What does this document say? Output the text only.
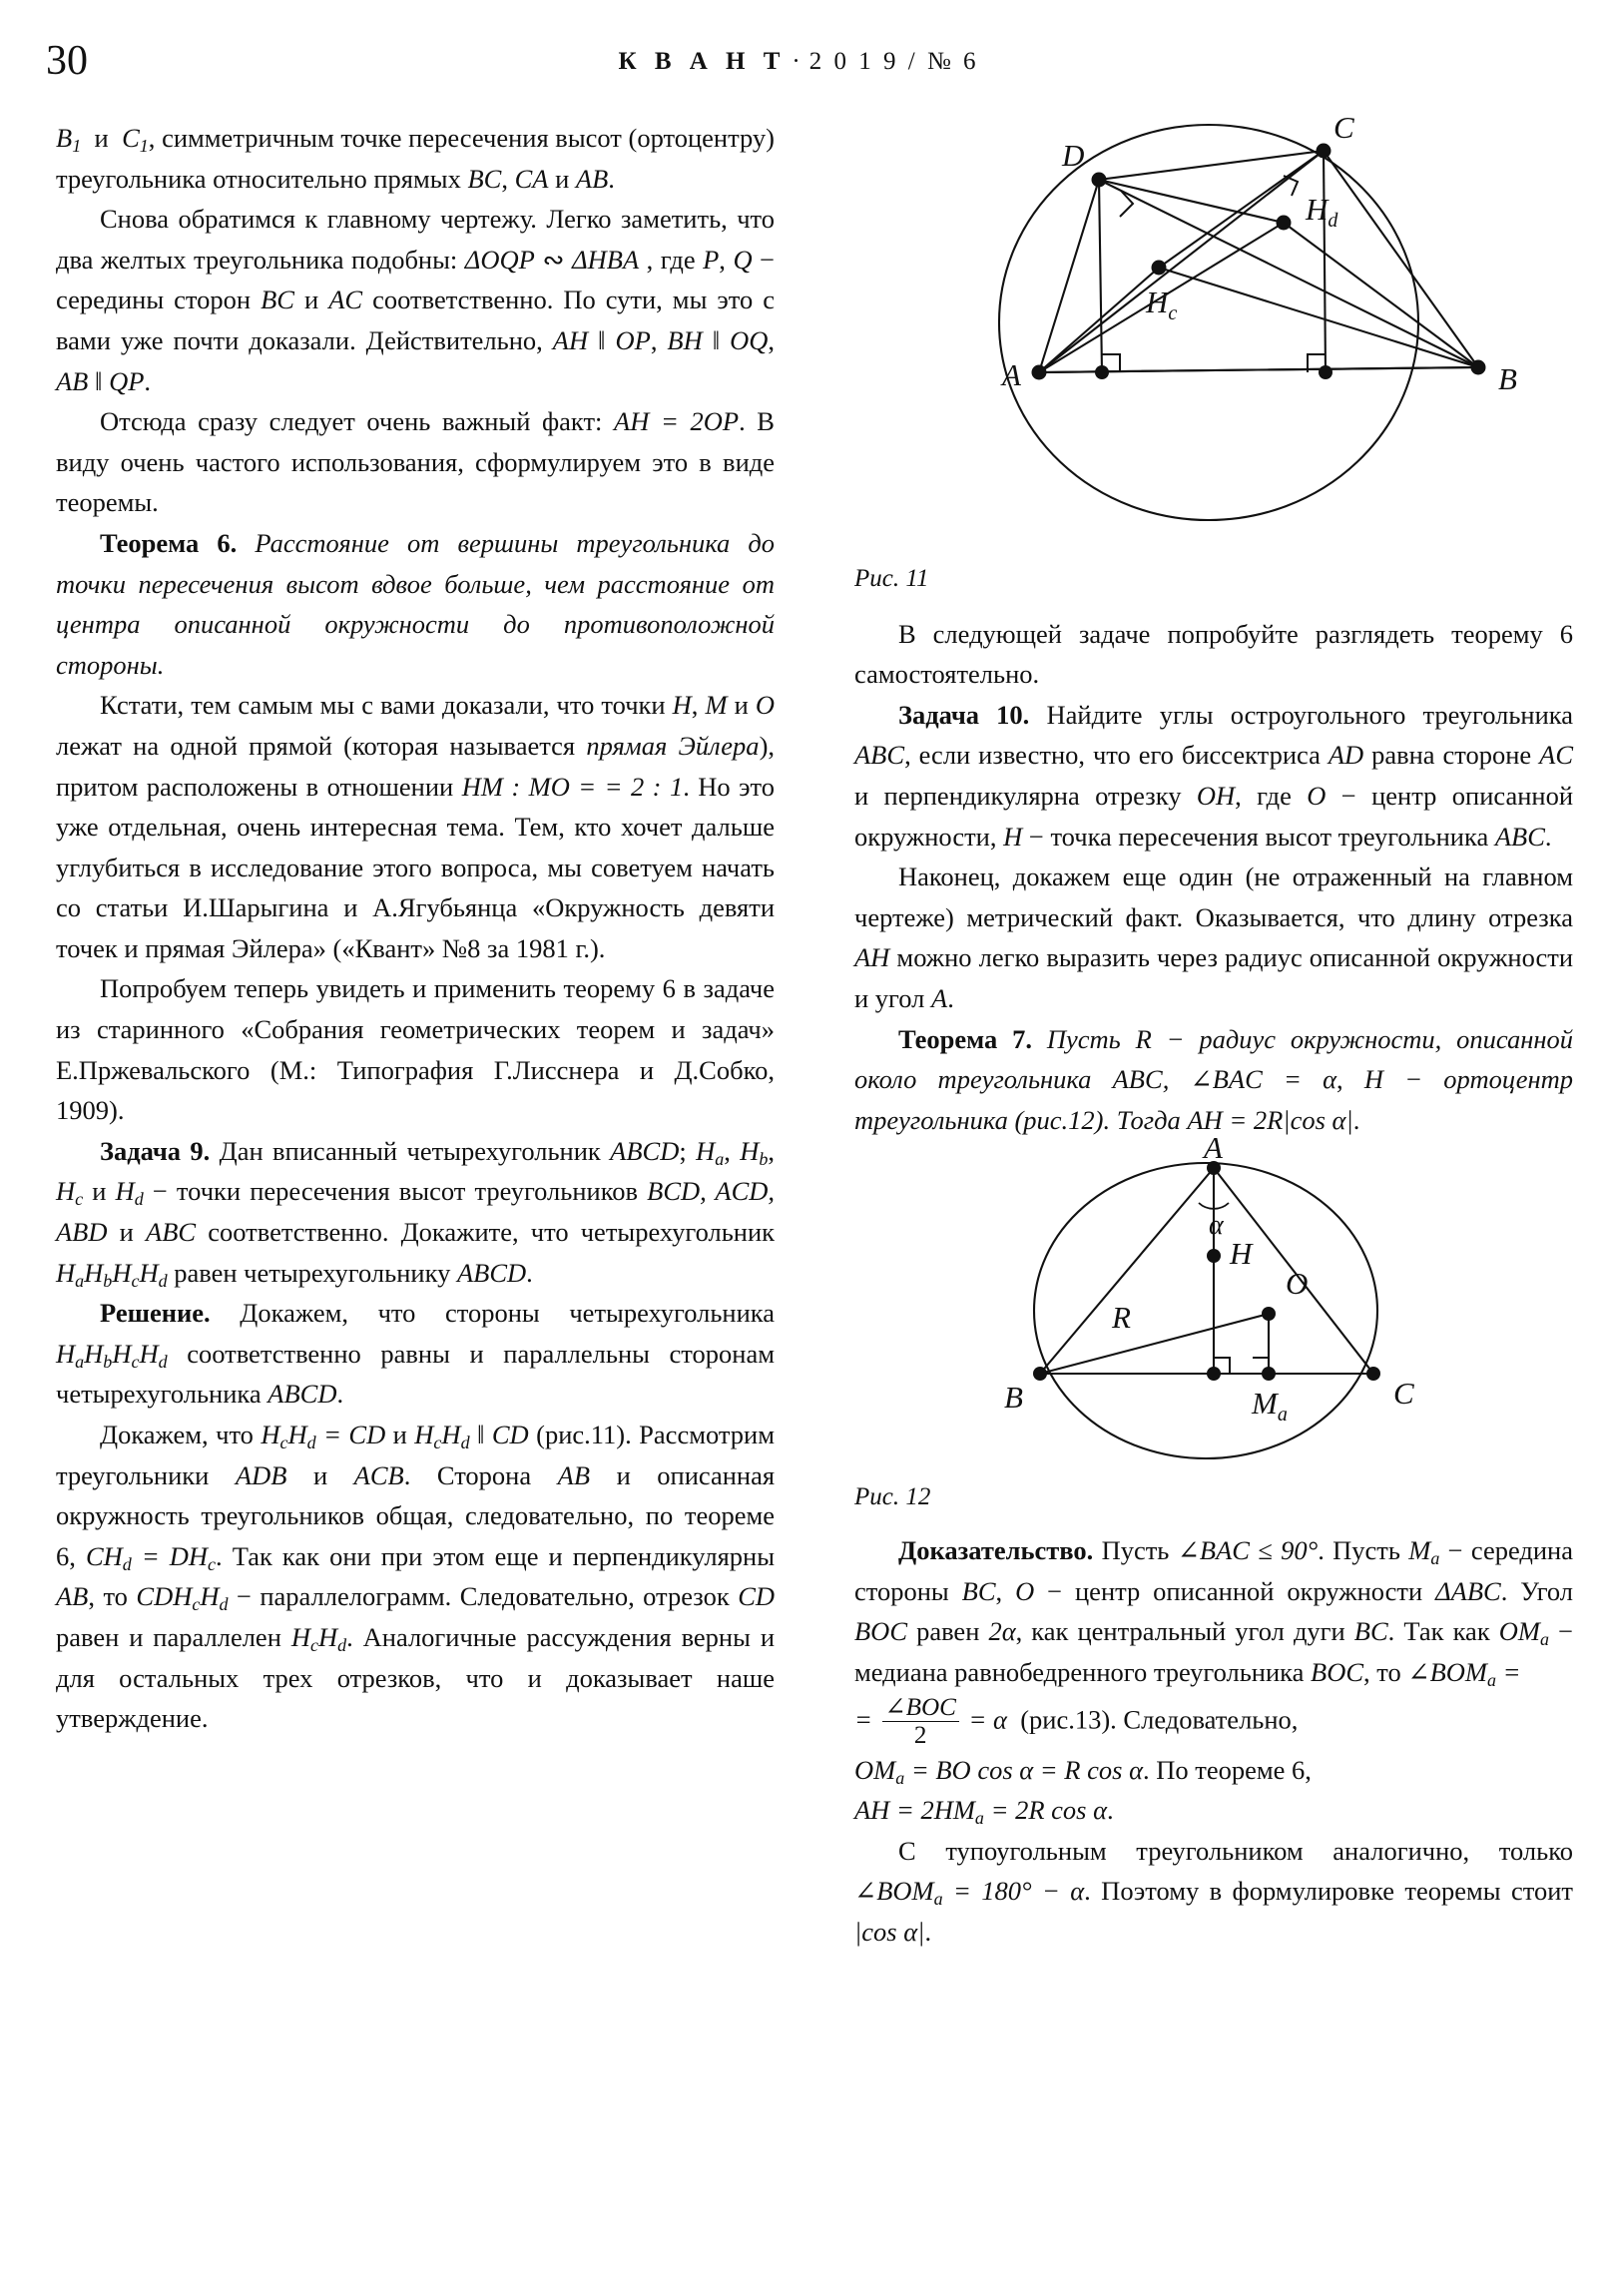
30	К В А Н Т · 2 0 1 9 / № 6

$B_1$ и $C_1$, симметричным точке пересечения высот (ортоцентру) треугольника относительно прямых BC, CA и AB.

Снова обратимся к главному чертежу. Легко заметить, что два желтых треугольника подобны: ΔOQP ∾ ΔHBA , где P, Q − середины сторон BC и AC соответственно. По сути, мы это с вами уже почти доказали. Действительно, AH ‖ OP, BH ‖ OQ, AB ‖ QP.

Отсюда сразу следует очень важный факт: AH = 2OP. В виду очень частого использования, сформулируем это в виде теоремы.

Теорема 6. Расстояние от вершины треугольника до точки пересечения высот вдвое больше, чем расстояние от центра описанной окружности до противоположной стороны.

Кстати, тем самым мы с вами доказали, что точки H, M и O лежат на одной прямой (которая называется прямая Эйлера), притом расположены в отношении HM : MO = = 2 : 1. Но это уже отдельная, очень интересная тема. Тем, кто хочет дальше углубиться в исследование этого вопроса, мы советуем начать со статьи И.Шарыгина и А.Ягубьянца «Окружность девяти точек и прямая Эйлера» («Квант» №8 за 1981 г.).

Попробуем теперь увидеть и применить теорему 6 в задаче из старинного «Собрания геометрических теорем и задач» Е.Пржевальского (М.: Типография Г.Лисснера и Д.Собко, 1909).

Задача 9. Дан вписанный четырехугольник ABCD; $H_a$, $H_b$, $H_c$ и $H_d$ − точки пересечения высот треугольников BCD, ACD, ABD и ABC соответственно. Докажите, что четырехугольник $H_aH_bH_cH_d$ равен четырехугольнику ABCD.

Решение. Докажем, что стороны четырехугольника $H_aH_bH_cH_d$ соответственно равны и параллельны сторонам четырехугольника ABCD.

Докажем, что $H_cH_d$ = CD и $H_cH_d$ ‖ CD (рис.11). Рассмотрим треугольники ADB и ACB. Сторона AB и описанная окружность треугольников общая, следовательно, по теореме 6, $CH_d = DH_c$. Так как они при этом еще и перпендикулярны AB, то $CDH_cH_d$ − параллелограмм. Следовательно, отрезок CD равен и параллелен $H_cH_d$. Аналогичные рассуждения верны и для остальных трех отрезков, что и доказывает наше утверждение.

A	B
C
D
$H_c$
$H_d$
Рис. 11

В следующей задаче попробуйте разглядеть теорему 6 самостоятельно.

Задача 10. Найдите углы остроугольного треугольника ABC, если известно, что его биссектриса AD равна стороне AC и перпендикулярна отрезку OH, где O − центр описанной окружности, H − точка пересечения высот треугольника ABC.

Наконец, докажем еще один (не отраженный на главном чертеже) метрический факт. Оказывается, что длину отрезка AH можно легко выразить через радиус описанной окружности и угол A.

Теорема 7. Пусть R − радиус окружности, описанной около треугольника ABC, ∠BAC = α, H − ортоцентр треугольника (рис.12). Тогда AH = 2R|cos α|.

A
B	C
H
O
R
α
$M_a$
Рис. 12

Доказательство. Пусть ∠BAC ≤ 90°. Пусть $M_a$ − середина стороны BC, O − центр описанной окружности ΔABC. Угол BOC равен 2α, как центральный угол дуги BC. Так как $OM_a$ − медиана равнобедренного треугольника BOC, то $\angle BOM_a$ =

= $\frac{\text{∠BOC}}{2} = \alpha$ (рис.13). Следовательно,

$OM_a$ = BO cos α = R cos α. По теореме 6,

AH = $2HM_a = 2R$ cos α.

С тупоугольным треугольником аналогично, только $\angle BOM_a = 180^\circ - \alpha$. Поэтому в формулировке теоремы стоит |cos α|.
